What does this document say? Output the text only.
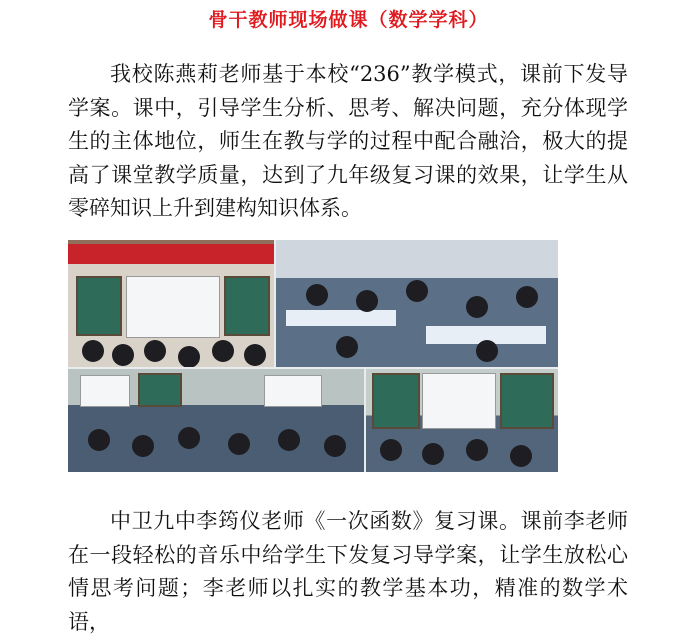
骨干教师现场做课（数学学科）

我校陈燕莉老师基于本校“236”教学模式，课前下发导学案。课中，引导学生分析、思考、解决问题，充分体现学生的主体地位，师生在教与学的过程中配合融洽，极大的提高了课堂教学质量，达到了九年级复习课的效果，让学生从零碎知识上升到建构知识体系。

中卫九中李筠仪老师《一次函数》复习课。课前李老师在一段轻松的音乐中给学生下发复习导学案，让学生放松心情思考问题；李老师以扎实的教学基本功，精准的数学术语，
